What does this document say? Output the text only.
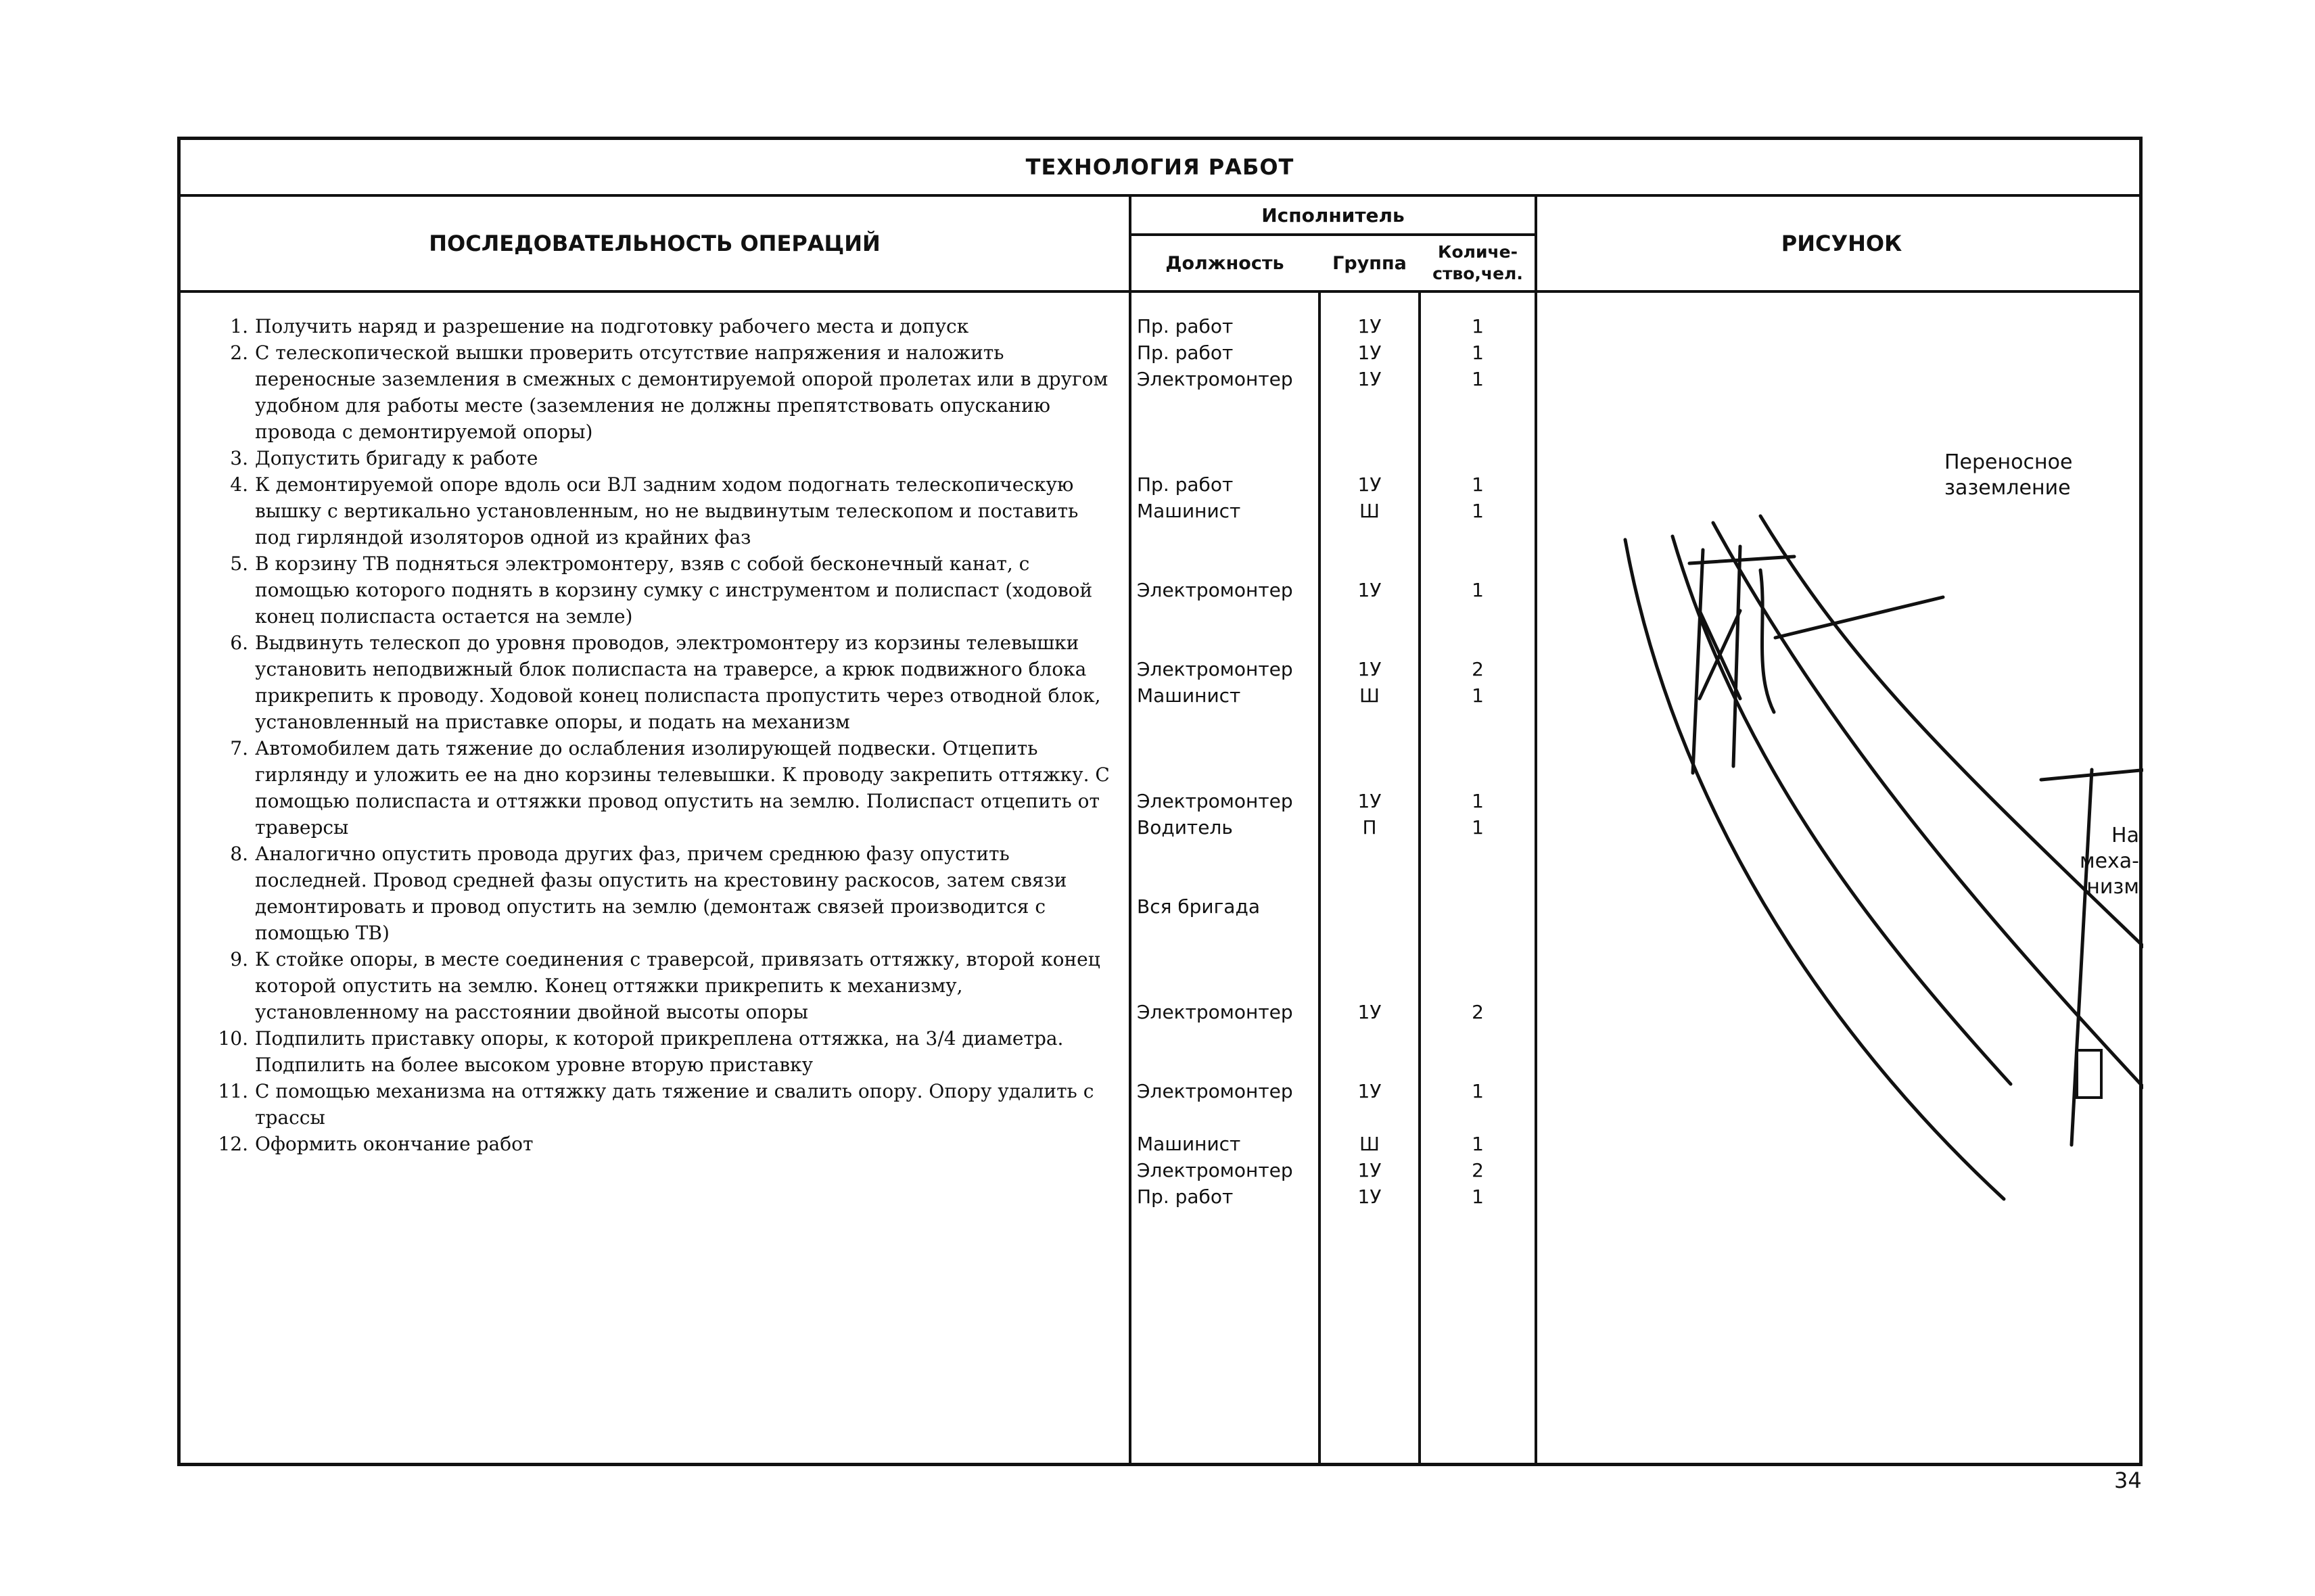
ТЕХНОЛОГИЯ РАБОТ
ПОСЛЕДОВАТЕЛЬНОСТЬ ОПЕРАЦИЙ
Исполнитель
Должность	Группа
Количе-
ство,чел.
РИСУНОК
1. Получить наряд и разрешение на подготовку рабочего места и допуск
2. С телескопической вышки проверить отсутствие напряжения и наложить переносные заземления в смежных с демонтируемой опорой пролетах или в другом удобном для работы месте (заземления не должны препятствовать опусканию провода с демонтируемой опоры)
3. Допустить бригаду к работе
4. К демонтируемой опоре вдоль оси ВЛ задним ходом подогнать телескопическую вышку с вертикально установленным, но не выдвинутым телескопом и поставить под гирляндой изоляторов одной из крайних фаз
5. В корзину ТВ подняться электромонтеру, взяв с собой бесконечный канат, с помощью которого поднять в корзину сумку с инструментом и полиспаст (ходовой конец полиспаста остается на земле)
6. Выдвинуть телескоп до уровня проводов, электромонтеру из корзины телевышки установить неподвижный блок полиспаста на траверсе, а крюк подвижного блока прикрепить к проводу. Ходовой конец полиспаста пропустить через отводной блок, установленный на приставке опоры, и подать на механизм
7. Автомобилем дать тяжение до ослабления изолирующей подвески. Отцепить гирлянду и уложить ее на дно корзины телевышки. К проводу закрепить оттяжку. С помощью полиспаста и оттяжки провод опустить на землю. Полиспаст отцепить от траверсы
8. Аналогично опустить провода других фаз, причем среднюю фазу опустить последней. Провод средней фазы опустить на крестовину раскосов, затем связи демонтировать и провод опустить на землю (демонтаж связей производится с помощью ТВ)
9. К стойке опоры, в месте соединения с траверсой, привязать оттяжку, второй конец которой опустить на землю. Конец оттяжки прикрепить к механизму, установленному на расстоянии двойной высоты опоры
10. Подпилить приставку опоры, к которой прикреплена оттяжка, на 3/4 диаметра. Подпилить на более высоком уровне вторую приставку
11. С помощью механизма на оттяжку дать тяжение и свалить опору. Опору удалить с трассы
12. Оформить окончание работ
Пр. работ
Пр. работ
Электромонтер
Пр. работ
Машинист
Электромонтер
Электромонтер
Машинист
Электромонтер
Водитель
Вся бригада
Электромонтер
Электромонтер
Машинист
Электромонтер
Пр. работ
1У
1У
1У
1У
Ш
1У
1У
Ш
1У
П
1У
1У
Ш
1У
1У
1
1
1
1
1
1
2
1
1
1
2
1
1
2
1
Переносное
заземление
На меха-
низм
34
